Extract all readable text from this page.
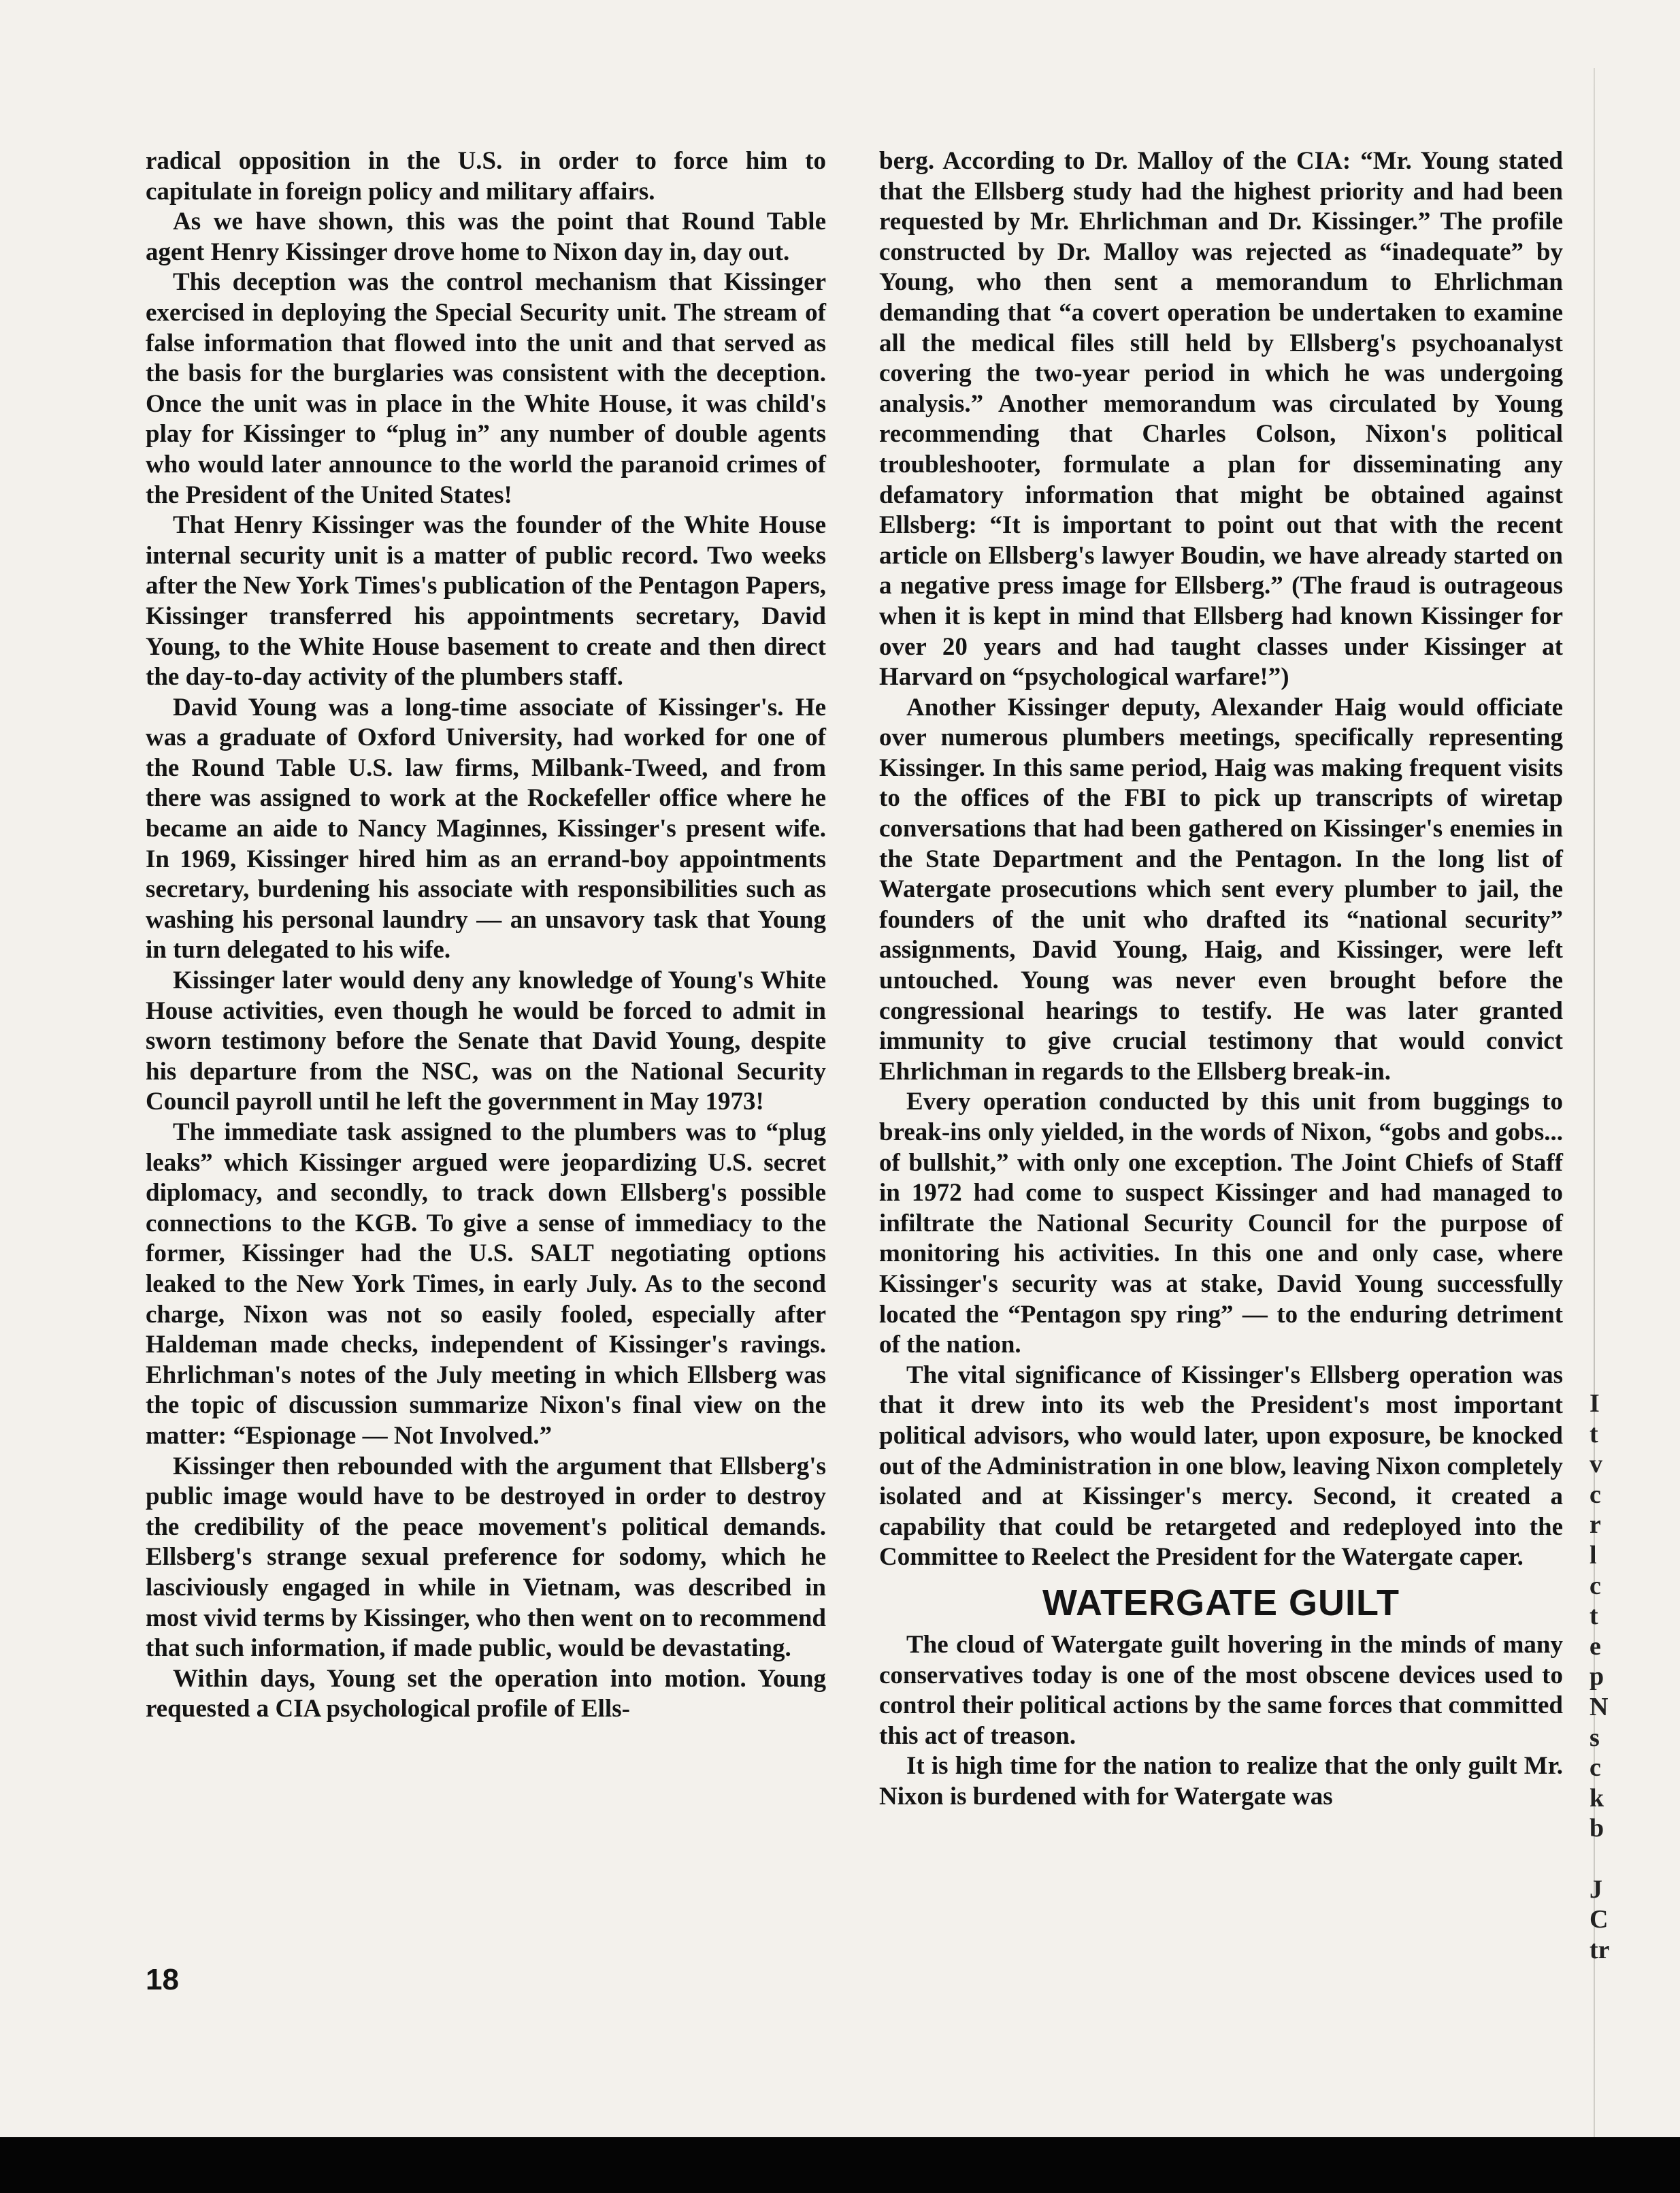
radical opposition in the U.S. in order to force him to capitulate in foreign policy and military affairs.

As we have shown, this was the point that Round Table agent Henry Kissinger drove home to Nixon day in, day out.

This deception was the control mechanism that Kissinger exercised in deploying the Special Security unit. The stream of false information that flowed into the unit and that served as the basis for the burglaries was consistent with the deception. Once the unit was in place in the White House, it was child's play for Kissinger to “plug in” any number of double agents who would later announce to the world the paranoid crimes of the President of the United States!

That Henry Kissinger was the founder of the White House internal security unit is a matter of public record. Two weeks after the New York Times's publication of the Pentagon Papers, Kissinger transferred his appointments secretary, David Young, to the White House basement to create and then direct the day-to-day activity of the plumbers staff.

David Young was a long-time associate of Kissinger's. He was a graduate of Oxford University, had worked for one of the Round Table U.S. law firms, Milbank-Tweed, and from there was assigned to work at the Rockefeller office where he became an aide to Nancy Maginnes, Kissinger's present wife. In 1969, Kissinger hired him as an errand-boy appointments secretary, burdening his associate with responsibilities such as washing his personal laundry — an unsavory task that Young in turn delegated to his wife.

Kissinger later would deny any knowledge of Young's White House activities, even though he would be forced to admit in sworn testimony before the Senate that David Young, despite his departure from the NSC, was on the National Security Council payroll until he left the government in May 1973!

The immediate task assigned to the plumbers was to “plug leaks” which Kissinger argued were jeopardizing U.S. secret diplomacy, and secondly, to track down Ellsberg's possible connections to the KGB. To give a sense of immediacy to the former, Kissinger had the U.S. SALT negotiating options leaked to the New York Times, in early July. As to the second charge, Nixon was not so easily fooled, especially after Haldeman made checks, independent of Kissinger's ravings. Ehrlichman's notes of the July meeting in which Ellsberg was the topic of discussion summarize Nixon's final view on the matter: “Espionage — Not Involved.”

Kissinger then rebounded with the argument that Ellsberg's public image would have to be destroyed in order to destroy the credibility of the peace movement's political demands. Ellsberg's strange sexual preference for sodomy, which he lasciviously engaged in while in Vietnam, was described in most vivid terms by Kissinger, who then went on to recommend that such information, if made public, would be devastating.

Within days, Young set the operation into motion. Young requested a CIA psychological profile of Ells-

berg. According to Dr. Malloy of the CIA: “Mr. Young stated that the Ellsberg study had the highest priority and had been requested by Mr. Ehrlichman and Dr. Kissinger.” The profile constructed by Dr. Malloy was rejected as “inadequate” by Young, who then sent a memorandum to Ehrlichman demanding that “a covert operation be undertaken to examine all the medical files still held by Ellsberg's psychoanalyst covering the two-year period in which he was undergoing analysis.” Another memorandum was circulated by Young recommending that Charles Colson, Nixon's political troubleshooter, formulate a plan for disseminating any defamatory information that might be obtained against Ellsberg: “It is important to point out that with the recent article on Ellsberg's lawyer Boudin, we have already started on a negative press image for Ellsberg.” (The fraud is outrageous when it is kept in mind that Ellsberg had known Kissinger for over 20 years and had taught classes under Kissinger at Harvard on “psychological warfare!”)

Another Kissinger deputy, Alexander Haig would officiate over numerous plumbers meetings, specifically representing Kissinger. In this same period, Haig was making frequent visits to the offices of the FBI to pick up transcripts of wiretap conversations that had been gathered on Kissinger's enemies in the State Department and the Pentagon. In the long list of Watergate prosecutions which sent every plumber to jail, the founders of the unit who drafted its “national security” assignments, David Young, Haig, and Kissinger, were left untouched. Young was never even brought before the congressional hearings to testify. He was later granted immunity to give crucial testimony that would convict Ehrlichman in regards to the Ellsberg break-in.

Every operation conducted by this unit from buggings to break-ins only yielded, in the words of Nixon, “gobs and gobs... of bullshit,” with only one exception. The Joint Chiefs of Staff in 1972 had come to suspect Kissinger and had managed to infiltrate the National Security Council for the purpose of monitoring his activities. In this one and only case, where Kissinger's security was at stake, David Young successfully located the “Pentagon spy ring” — to the enduring detriment of the nation.

The vital significance of Kissinger's Ellsberg operation was that it drew into its web the President's most important political advisors, who would later, upon exposure, be knocked out of the Administration in one blow, leaving Nixon completely isolated and at Kissinger's mercy. Second, it created a capability that could be retargeted and redeployed into the Committee to Reelect the President for the Watergate caper.

WATERGATE GUILT

The cloud of Watergate guilt hovering in the minds of many conservatives today is one of the most obscene devices used to control their political actions by the same forces that committed this act of treason.

It is high time for the nation to realize that the only guilt Mr. Nixon is burdened with for Watergate was

I
t
v
c
r
l
c
t
e
p
N
s
c
k
b

J
C
tr
18
